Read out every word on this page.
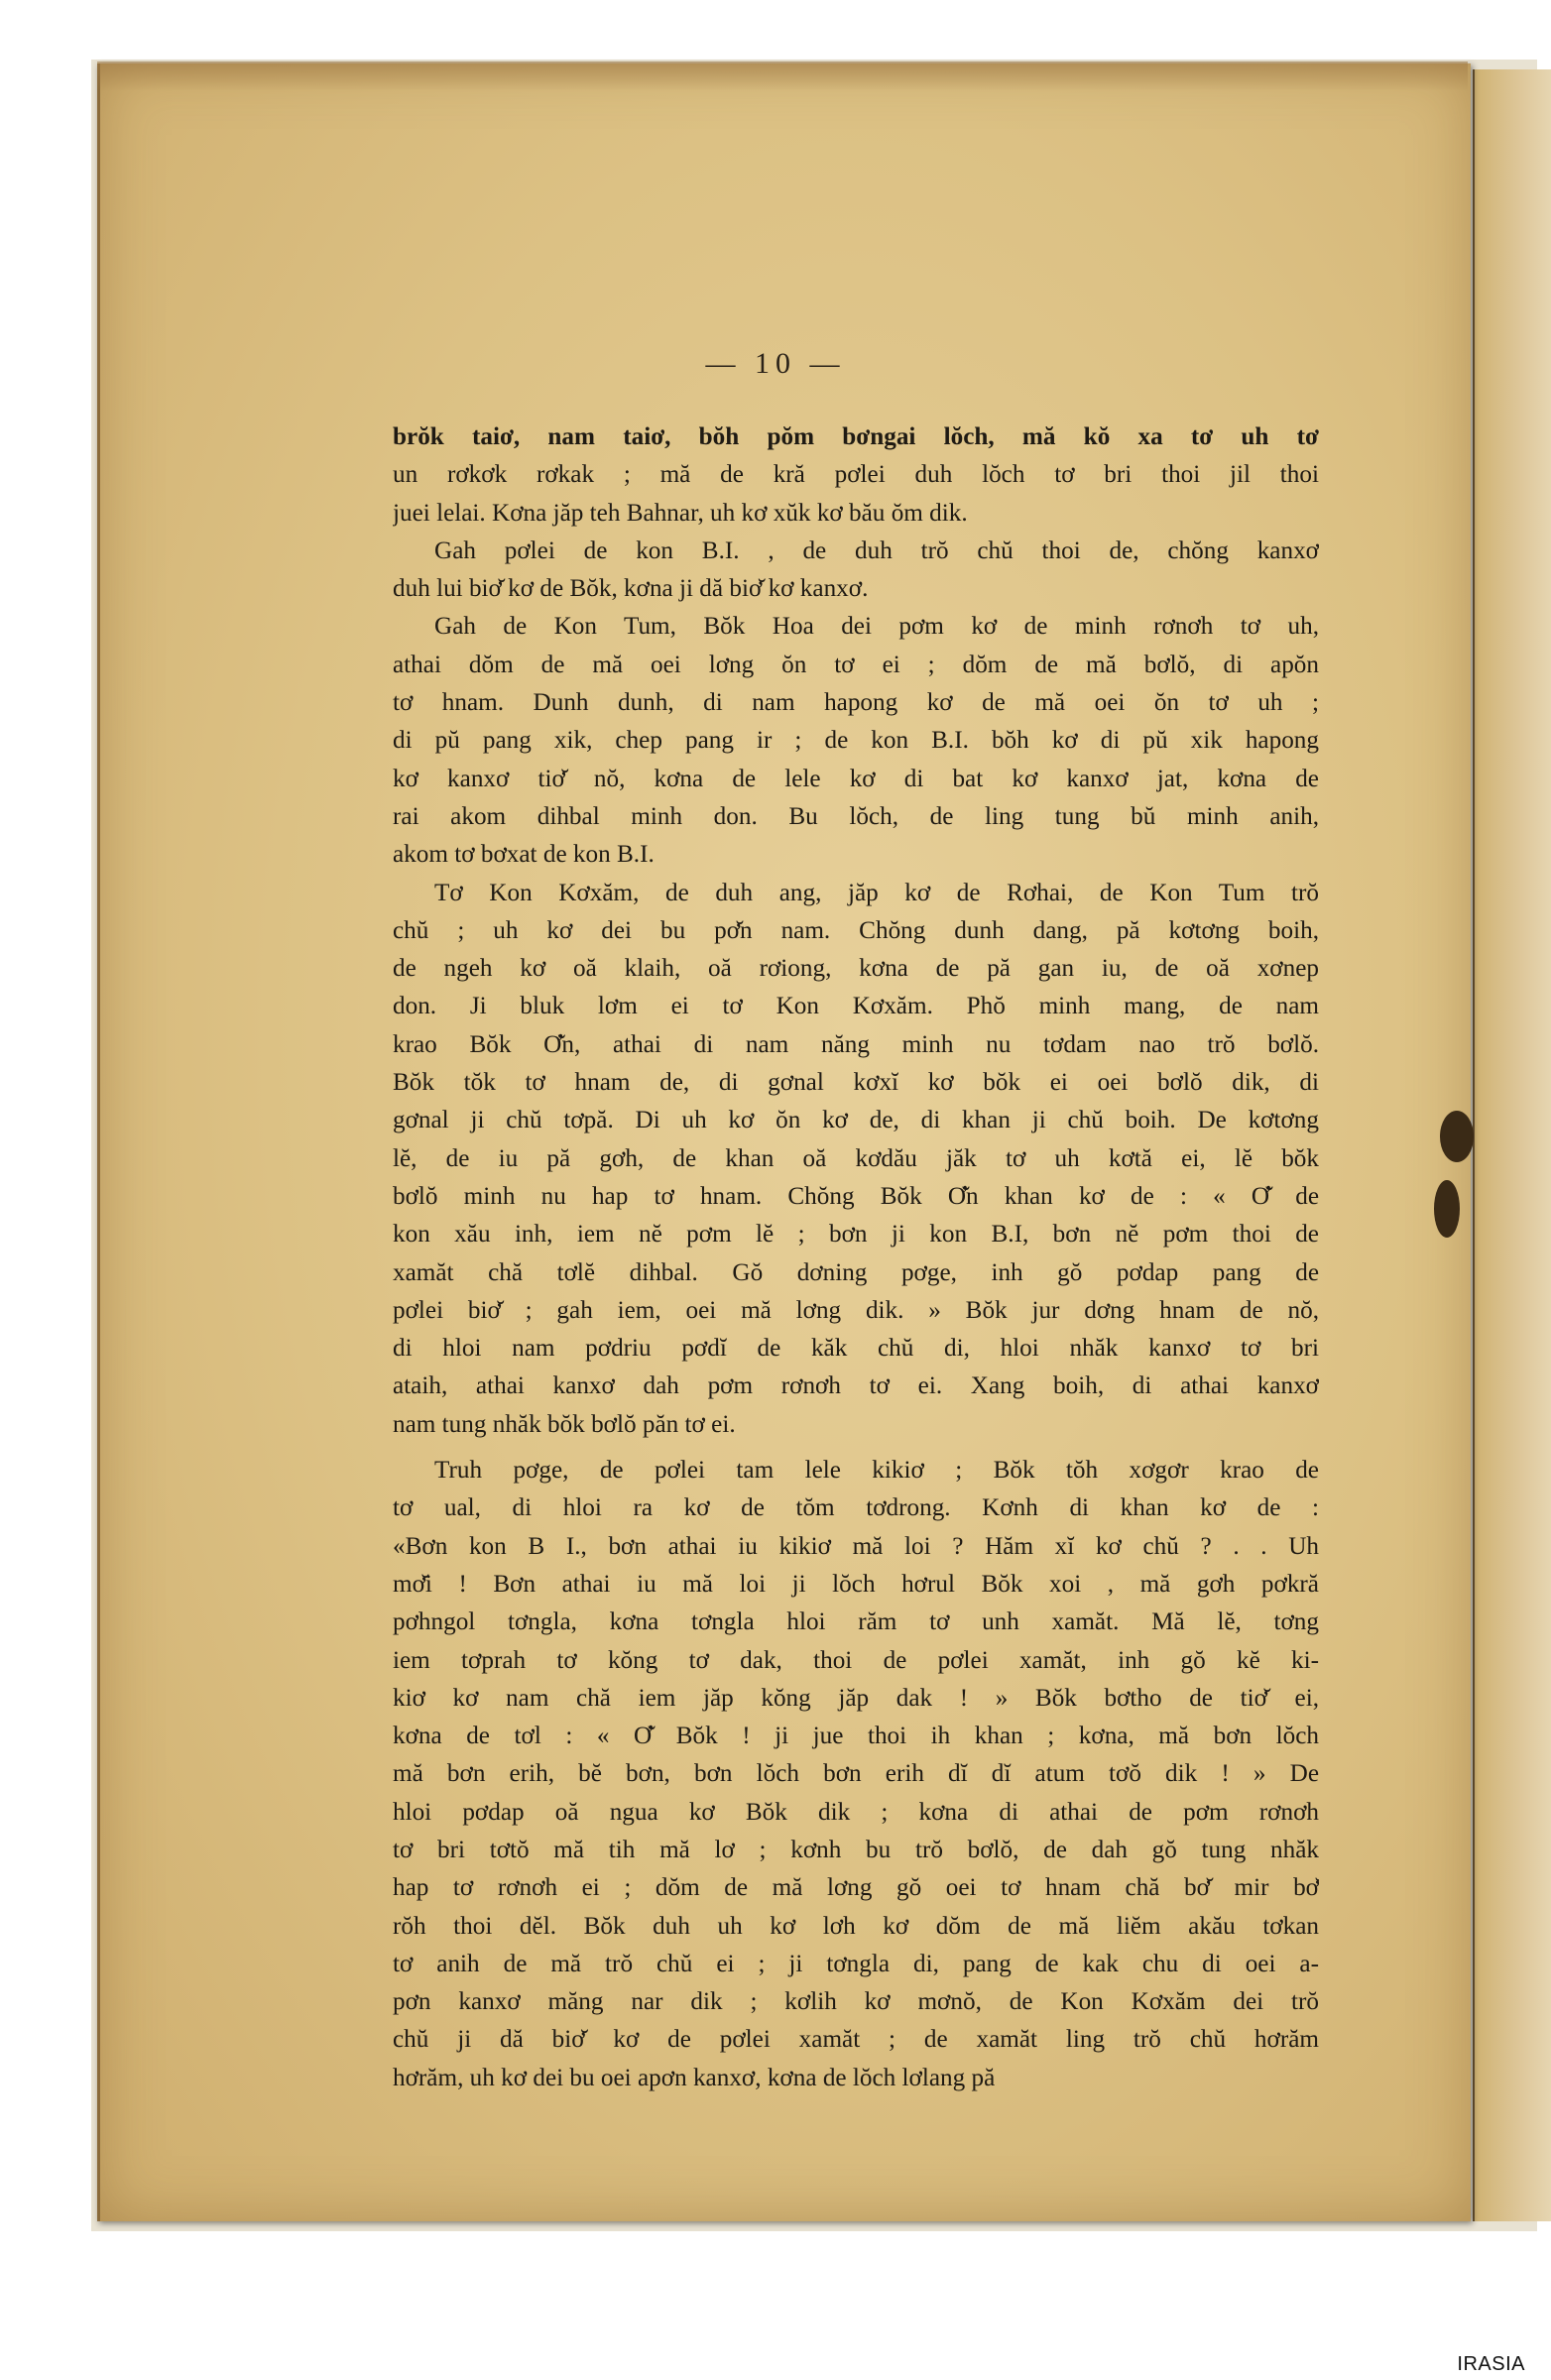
— 10 —
brŏk taiơ, nam taiơ, bŏh pŏm bơngai lŏch, mă kŏ xa tơ uh tơ
un rơkơk rơkak ; mă de kră pơlei duh lŏch tơ bri thoi jil thoi
juei lelai. Kơna jăp teh Bahnar, uh kơ xŭk kơ bău ŏm dik.
Gah pơlei de kon B.I. , de duh trŏ chŭ thoi de, chŏng kanxơ
duh lui biơ̆ kơ de Bŏk, kơna ji dă biơ̆ kơ kanxơ.
Gah de Kon Tum, Bŏk Hoa dei pơm kơ de minh rơnơh tơ uh,
athai dŏm de mă oei lơng ŏn tơ ei ; dŏm de mă bơlŏ, di apŏn
tơ hnam. Dunh dunh, di nam hapong kơ de mă oei ŏn tơ uh ;
di pŭ pang xik, chep pang ir ; de kon B.I. bŏh kơ di pŭ xik hapong
kơ kanxơ tiơ̆ nŏ, kơna de lele kơ di bat kơ kanxơ jat, kơna de
rai akom dihbal minh don. Bu lŏch, de ling tung bŭ minh anih,
akom tơ bơxat de kon B.I.
Tơ Kon Kơxăm, de duh ang, jăp kơ de Rơhai, de Kon Tum trŏ
chŭ ; uh kơ dei bu pơ̆n nam. Chŏng dunh dang, pă kơtơng boih,
de ngeh kơ oă klaih, oă rơiong, kơna de pă gan iu, de oă xơnep
don. Ji bluk lơm ei tơ Kon Kơxăm. Phŏ minh mang, de nam
krao Bŏk Ơ̆n, athai di nam năng minh nu tơdam nao trŏ bơlŏ.
Bŏk tŏk tơ hnam de, di gơnal kơxĭ kơ bŏk ei oei bơlŏ dik, di
gơnal ji chŭ tơpă. Di uh kơ ŏn kơ de, di khan ji chŭ boih. De kơtơng
lĕ, de iu pă gơh, de khan oă kơdău jăk tơ uh kơtă ei, lĕ bŏk
bơlŏ minh nu hap tơ hnam. Chŏng Bŏk Ơ̆n khan kơ de : « Ơ̆ de
kon xău inh, iem nĕ pơm lĕ ; bơn ji kon B.I, bơn nĕ pơm thoi de
xamăt chă tơlĕ dihbal. Gŏ dơning pơge, inh gŏ pơdap pang de
pơlei biơ̆ ; gah iem, oei mă lơng dik. » Bŏk jur dơng hnam de nŏ,
di hloi nam pơdriu pơdĭ de kăk chŭ di, hloi nhăk kanxơ tơ bri
ataih, athai kanxơ dah pơm rơnơh tơ ei. Xang boih, di athai kanxơ
nam tung nhăk bŏk bơlŏ păn tơ ei.
Truh pơge, de pơlei tam lele kikiơ ; Bŏk tŏh xơgơr krao de
tơ ual, di hloi ra kơ de tŏm tơdrong. Kơnh di khan kơ de :
«Bơn kon B I., bơn athai iu kikiơ mă loi ? Hăm xĭ kơ chŭ ? . . Uh
mơ̆i ! Bơn athai iu mă loi ji lŏch hơrul Bŏk xoi , mă gơh pơkră
pơhngol tơngla, kơna tơngla hloi răm tơ unh xamăt. Mă lĕ, tơng
iem tơprah tơ kŏng tơ dak, thoi de pơlei xamăt, inh gŏ kĕ ki-
kiơ kơ nam chă iem jăp kŏng jăp dak ! » Bŏk bơtho de tiơ̆ ei,
kơna de tơl : « Ơ̆ Bŏk ! ji jue thoi ih khan ; kơna, mă bơn lŏch
mă bơn erih, bĕ bơn, bơn lŏch bơn erih dĭ dĭ atum tơŏ dik ! » De
hloi pơdap oă ngua kơ Bŏk dik ; kơna di athai de pơm rơnơh
tơ bri tơtŏ mă tih mă lơ ; kơnh bu trŏ bơlŏ, de dah gŏ tung nhăk
hap tơ rơnơh ei ; dŏm de mă lơng gŏ oei tơ hnam chă bơ̆ mir bơ̆
rŏh thoi dĕl. Bŏk duh uh kơ lơh kơ dŏm de mă liĕm akău tơkan
tơ anih de mă trŏ chŭ ei ; ji tơngla di, pang de kak chu di oei a-
pơn kanxơ măng nar dik ; kơlih kơ mơnŏ, de Kon Kơxăm dei trŏ
chŭ ji dă biơ̆ kơ de pơlei xamăt ; de xamăt ling trŏ chŭ hơrăm
hơrăm, uh kơ dei bu oei apơn kanxơ, kơna de lŏch lơlang pă
IRASIA
